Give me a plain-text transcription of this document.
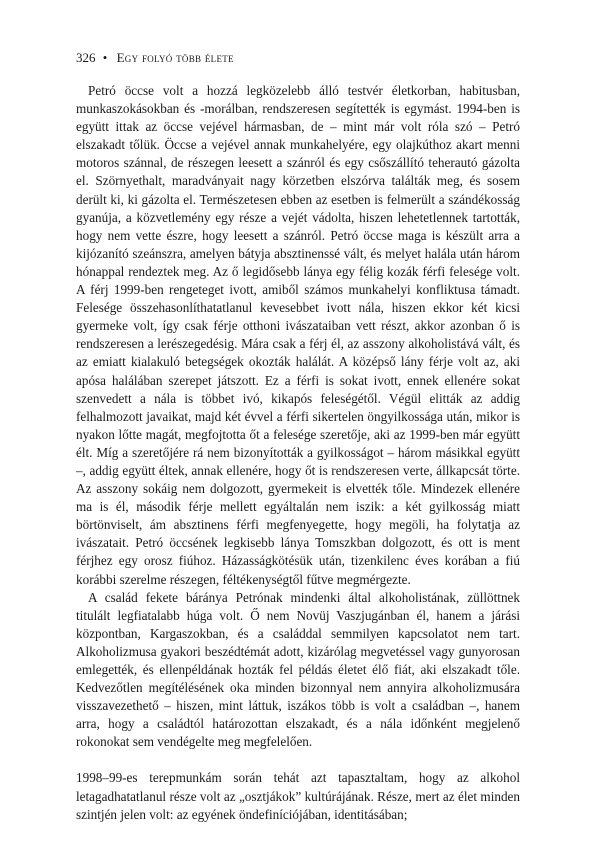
326 • Egy folyó több élete

Petró öccse volt a hozzá legközelebb álló testvér életkorban, habitusban, munkaszokásokban és -morálban, rendszeresen segítették is egymást. 1994-ben is együtt ittak az öccse vejével hármasban, de – mint már volt róla szó – Petró elszakadt tőlük. Öccse a vejével annak munkahelyére, egy olajkúthoz akart menni motoros szánnal, de részegen leesett a szánról és egy csőszállító teherautó gázolta el. Szörnyethalt, maradványait nagy körzetben elszórva találták meg, és sosem derült ki, ki gázolta el. Természetesen ebben az esetben is felmerült a szándékosság gyanúja, a közvetlemény egy része a vejét vádolta, hiszen lehetetlennek tartották, hogy nem vette észre, hogy leesett a szánról. Petró öccse maga is készült arra a kijózanító szeánszra, amelyen bátyja absztinenssé vált, és melyet halála után három hónappal rendeztek meg. Az ő legidősebb lánya egy félig kozák férfi felesége volt. A férj 1999-ben rengeteget ivott, amiből számos munkahelyi konfliktusa támadt. Felesége összehasonlíthatatlanul kevesebbet ivott nála, hiszen ekkor két kicsi gyermeke volt, így csak férje otthoni ivászataiban vett részt, akkor azonban ő is rendszeresen a lerészegedésig. Mára csak a férj él, az asszony alkoholistává vált, és az emiatt kialakuló betegségek okozták halálát. A középső lány férje volt az, aki apósa halálában szerepet játszott. Ez a férfi is sokat ivott, ennek ellenére sokat szenvedett a nála is többet ivó, kikapós feleségétől. Végül elitták az addig felhalmozott javaikat, majd két évvel a férfi sikertelen öngyilkossága után, mikor is nyakon lőtte magát, megfojtotta őt a felesége szeretője, aki az 1999-ben már együtt élt. Míg a szeretőjére rá nem bizonyították a gyilkosságot – három másikkal együtt –, addig együtt éltek, annak ellenére, hogy őt is rendszeresen verte, állkapcsát törte. Az asszony sokáig nem dolgozott, gyermekeit is elvették tőle. Mindezek ellenére ma is él, második férje mellett egyáltalán nem iszik: a két gyilkosság miatt börtönviselt, ám absztinens férfi megfenyegette, hogy megöli, ha folytatja az ivászatait. Petró öccsének legkisebb lánya Tomszkban dolgozott, és ott is ment férjhez egy orosz fiúhoz. Házasságkötésük után, tizenkilenc éves korában a fiú korábbi szerelme részegen, féltékenységtől fűtve megmérgezte.

A család fekete báránya Petrónak mindenki által alkoholistának, züllöttnek titulált legfiatalabb húga volt. Ő nem Novüj Vaszjugánban él, hanem a járási központban, Kargaszokban, és a családdal semmilyen kapcsolatot nem tart. Alkoholizmusa gyakori beszédtémát adott, kizárólag megvetéssel vagy gunyorosan emlegették, és ellenpéldának hozták fel példás életet élő fiát, aki elszakadt tőle. Kedvezőtlen megítélésének oka minden bizonnyal nem annyira alkoholizmusára visszavezethető – hiszen, mint láttuk, iszákos több is volt a családban –, hanem arra, hogy a családtól határozottan elszakadt, és a nála időnként megjelenő rokonokat sem vendégelte meg megfelelően.

1998–99-es terepmunkám során tehát azt tapasztaltam, hogy az alkohol letagadhatatlanul része volt az „osztjákok” kultúrájának. Része, mert az élet minden szintjén jelen volt: az egyének öndefiníciójában, identitásában;
